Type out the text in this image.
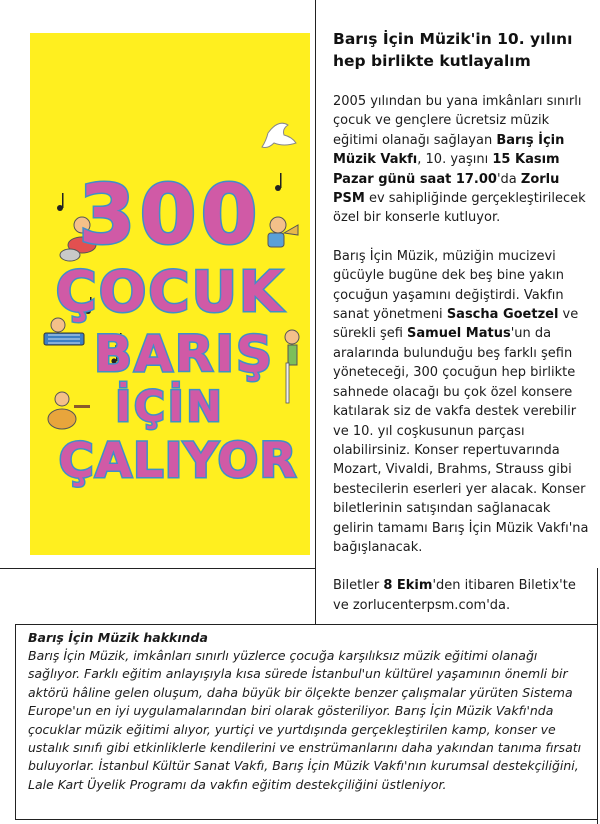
300
ÇOCUK
BARIŞ
İÇİN
ÇALIYOR
Barış İçin Müzik'in 10. yılını hep birlikte kutlayalım

2005 yılından bu yana imkânları sınırlı çocuk ve gençlere ücretsiz müzik eğitimi olanağı sağlayan Barış İçin Müzik Vakfı, 10. yaşını 15 Kasım Pazar günü saat 17.00'da Zorlu PSM ev sahipliğinde gerçekleştirilecek özel bir konserle kutluyor.

Barış İçin Müzik, müziğin mucizevi gücüyle bugüne dek beş bine yakın çocuğun yaşamını değiştirdi. Vakfın sanat yönetmeni Sascha Goetzel ve sürekli şefi Samuel Matus'un da aralarında bulunduğu beş farklı şefin yöneteceği, 300 çocuğun hep birlikte sahnede olacağı bu çok özel konsere katılarak siz de vakfa destek verebilir ve 10. yıl coşkusunun parçası olabilirsiniz. Konser repertuvarında Mozart, Vivaldi, Brahms, Strauss gibi bestecilerin eserleri yer alacak. Konser biletlerinin satışından sağlanacak gelirin tamamı Barış İçin Müzik Vakfı'na bağışlanacak.

Biletler 8 Ekim'den itibaren Biletix'te ve zorlucenterpsm.com'da.

Barış İçin Müzik hakkında

Barış İçin Müzik, imkânları sınırlı yüzlerce çocuğa karşılıksız müzik eğitimi olanağı sağlıyor. Farklı eğitim anlayışıyla kısa sürede İstanbul'un kültürel yaşamının önemli bir aktörü hâline gelen oluşum, daha büyük bir ölçekte benzer çalışmalar yürüten Sistema Europe'un en iyi uygulamalarından biri olarak gösteriliyor. Barış İçin Müzik Vakfı'nda çocuklar müzik eğitimi alıyor, yurtiçi ve yurtdışında gerçekleştirilen kamp, konser ve ustalık sınıfı gibi etkinliklerle kendilerini ve enstrümanlarını daha yakından tanıma fırsatı buluyorlar. İstanbul Kültür Sanat Vakfı, Barış İçin Müzik Vakfı'nın kurumsal destekçiliğini, Lale Kart Üyelik Programı da vakfın eğitim destekçiliğini üstleniyor.
